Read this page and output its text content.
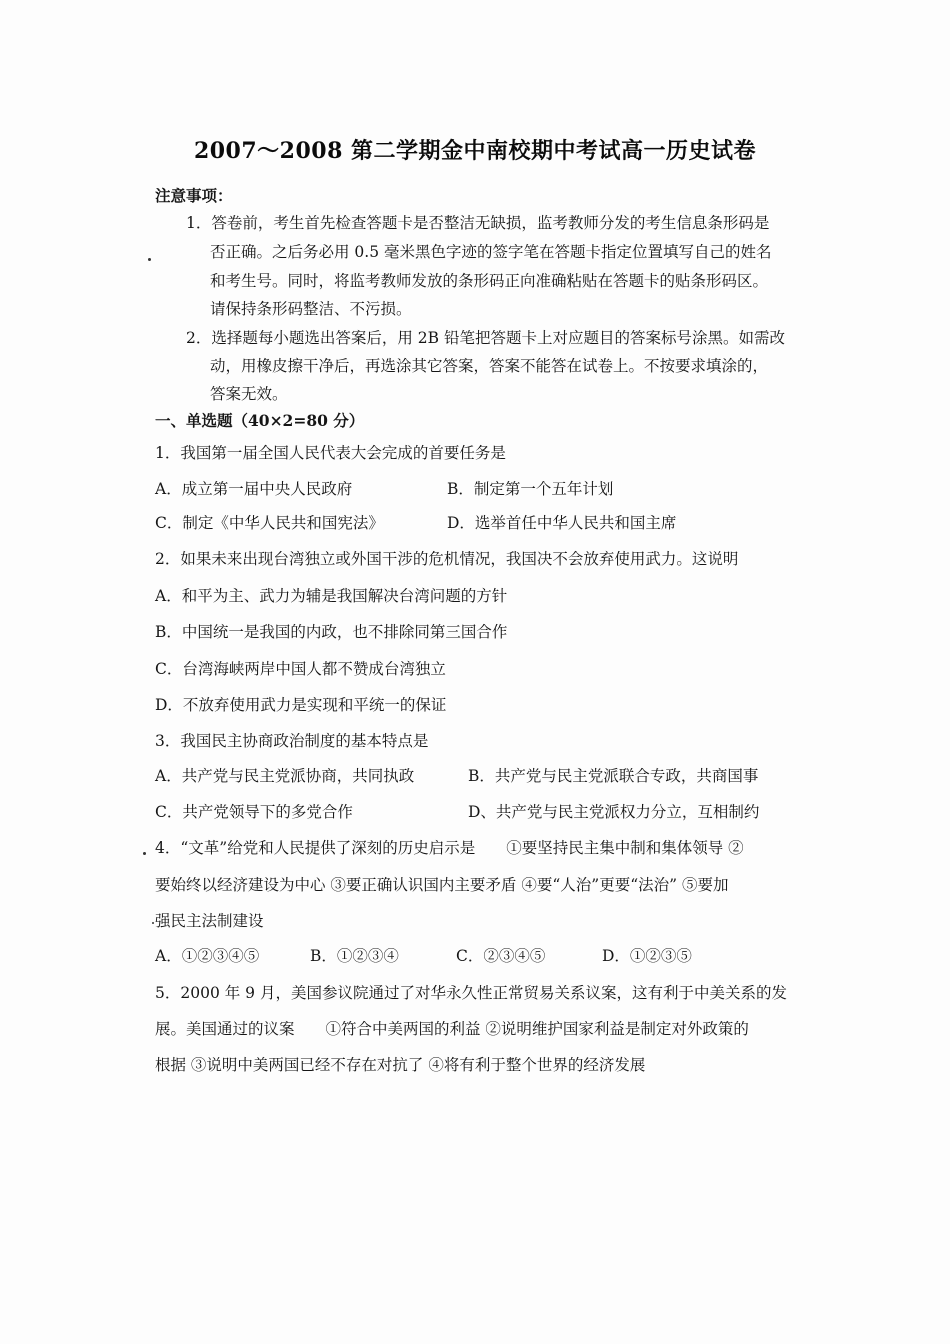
2007～2008 第二学期金中南校期中考试高一历史试卷
注意事项：
1．答卷前，考生首先检查答题卡是否整洁无缺损，监考教师分发的考生信息条形码是
否正确。之后务必用 0.5 毫米黑色字迹的签字笔在答题卡指定位置填写自己的姓名
和考生号。同时，将监考教师发放的条形码正向准确粘贴在答题卡的贴条形码区。
请保持条形码整洁、不污损。
2．选择题每小题选出答案后，用 2B 铅笔把答题卡上对应题目的答案标号涂黑。如需改
动，用橡皮擦干净后，再选涂其它答案，答案不能答在试卷上。不按要求填涂的，
答案无效。
一、单选题（40×2=80 分）
1．我国第一届全国人民代表大会完成的首要任务是
A．成立第一届中央人民政府	B．制定第一个五年计划
C．制定《中华人民共和国宪法》	D．选举首任中华人民共和国主席
2．如果未来出现台湾独立或外国干涉的危机情况，我国决不会放弃使用武力。这说明
A．和平为主、武力为辅是我国解决台湾问题的方针
B．中国统一是我国的内政，也不排除同第三国合作
C．台湾海峡两岸中国人都不赞成台湾独立
D．不放弃使用武力是实现和平统一的保证
3．我国民主协商政治制度的基本特点是
A．共产党与民主党派协商，共同执政	B．共产党与民主党派联合专政，共商国事
C．共产党领导下的多党合作	D、共产党与民主党派权力分立，互相制约
4．“文革”给党和人民提供了深刻的历史启示是　　①要坚持民主集中制和集体领导 ②
要始终以经济建设为中心 ③要正确认识国内主要矛盾 ④要“人治”更要“法治” ⑤要加
强民主法制建设
A．①②③④⑤	B．①②③④	C．②③④⑤	D．①②③⑤
5．2000 年 9 月，美国参议院通过了对华永久性正常贸易关系议案，这有利于中美关系的发
展。美国通过的议案　　①符合中美两国的利益 ②说明维护国家利益是制定对外政策的
根据 ③说明中美两国已经不存在对抗了 ④将有利于整个世界的经济发展
